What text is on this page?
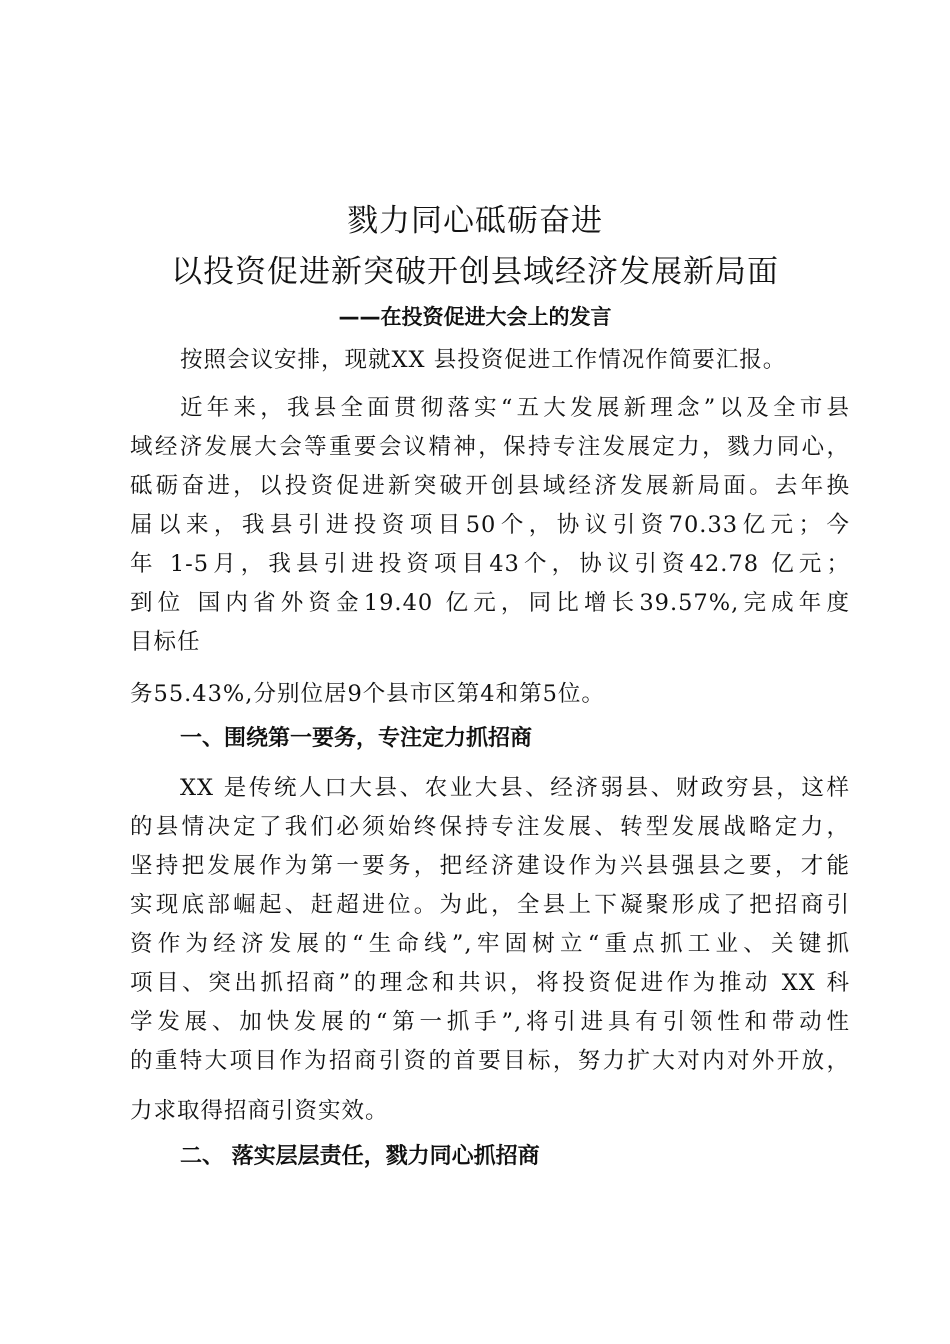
戮力同心砥砺奋进
以投资促进新突破开创县域经济发展新局面
——在投资促进大会上的发言
按照会议安排，现就XX 县投资促进工作情况作简要汇报。
近年来，我县全面贯彻落实“五大发展新理念”以及全市县
域经济发展大会等重要会议精神，保持专注发展定力，戮力同心，
砥砺奋进，以投资促进新突破开创县域经济发展新局面。去年换
届以来，我县引进投资项目50个，协议引资70.33亿元；今
年 1-5月，我县引进投资项目43个，协议引资42.78 亿元；
到位 国内省外资金19.40 亿元，同比增长39.57%,完成年度
目标任
务55.43%,分别位居9个县市区第4和第5位。
一、围绕第一要务，专注定力抓招商
XX 是传统人口大县、农业大县、经济弱县、财政穷县，这样
的县情决定了我们必须始终保持专注发展、转型发展战略定力，
坚持把发展作为第一要务，把经济建设作为兴县强县之要，才能
实现底部崛起、赶超进位。为此，全县上下凝聚形成了把招商引
资作为经济发展的“生命线”,牢固树立“重点抓工业、关键抓
项目、突出抓招商”的理念和共识，将投资促进作为推动 XX 科
学发展、加快发展的“第一抓手”,将引进具有引领性和带动性
的重特大项目作为招商引资的首要目标，努力扩大对内对外开放，
力求取得招商引资实效。
二、 落实层层责任，戮力同心抓招商
